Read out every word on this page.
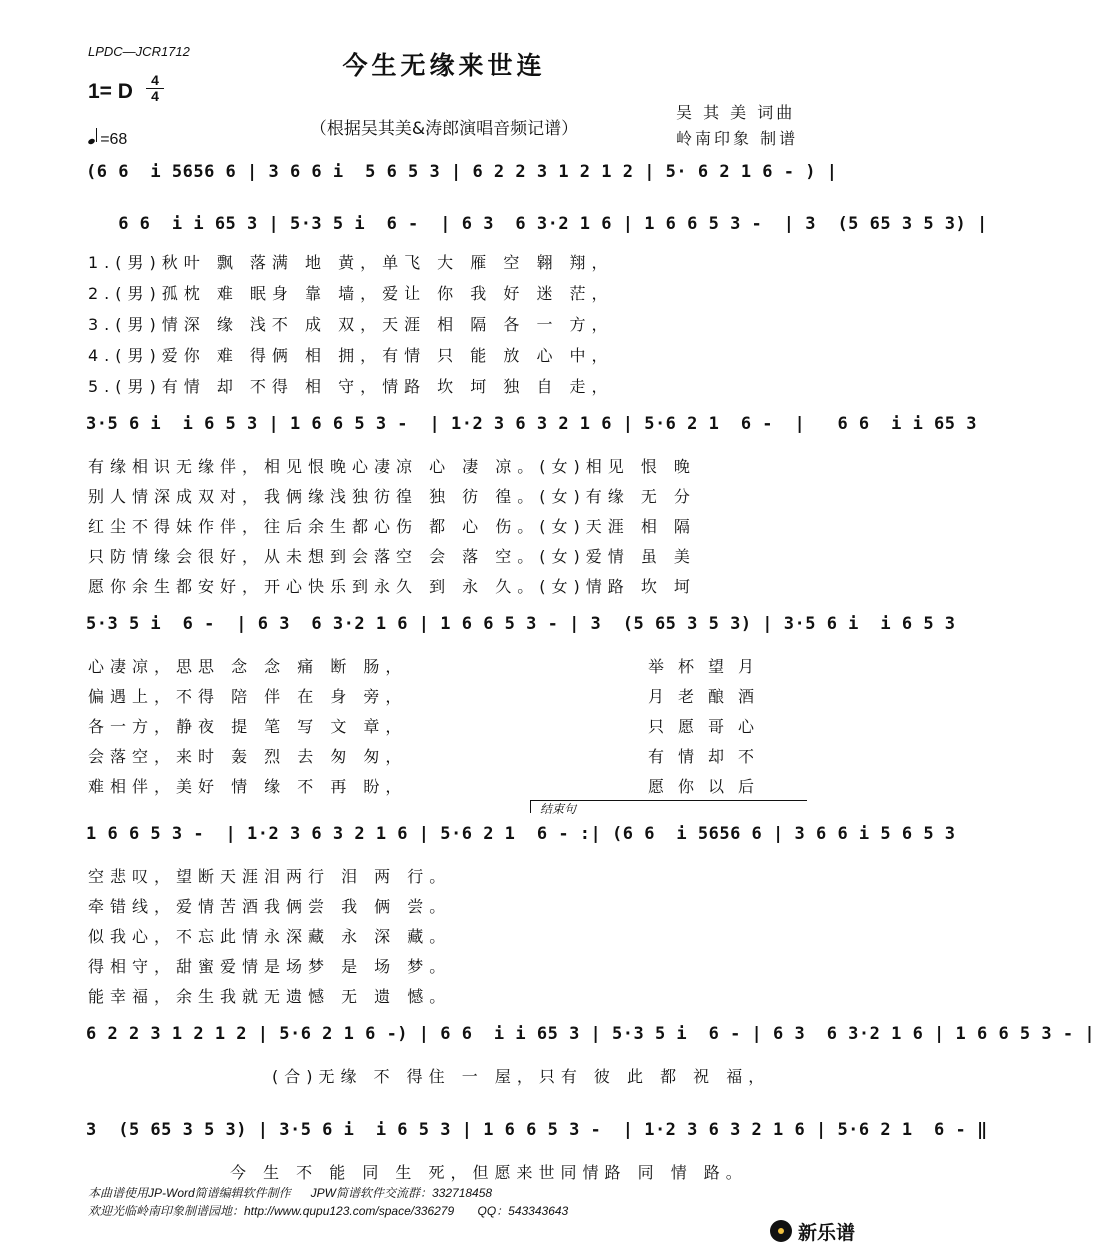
LPDC—JCR1712	今生无缘来世连
1= D	4
4
（根据吴其美&涛郎演唱音频记谱）
吴 其 美 词曲
岭南印象 制谱
=68
(6 6  i 5656 6 | 3 6 6 i  5 6 5 3 | 6 2 2 3 1 2 1 2 | 5· 6 2 1 6 - ) |
6 6  i i 65 3 | 5·3 5 i  6 -  | 6 3  6 3·2 1 6 | 1 6 6 5 3 -  | 3  (5 65 3 5 3) |
1.(男)秋叶 飘 落满 地 黄，单飞 大 雁 空 翱 翔，
2.(男)孤枕 难 眠身 靠 墙，爱让 你 我 好 迷 茫，
3.(男)情深 缘 浅不 成 双，天涯 相 隔 各 一 方，
4.(男)爱你 难 得俩 相 拥，有情 只 能 放 心 中，
5.(男)有情 却 不得 相 守，情路 坎 坷 独 自 走，
3·5 6 i  i 6 5 3 | 1 6 6 5 3 -  | 1·2 3 6 3 2 1 6 | 5·6 2 1  6 -  |   6 6  i i 65 3
有缘相识无缘伴，相见恨晚心凄凉 心 凄 凉。(女)相见 恨 晚
别人情深成双对，我俩缘浅独彷徨 独 彷 徨。(女)有缘 无 分
红尘不得妹作伴，往后余生都心伤 都 心 伤。(女)天涯 相 隔
只防情缘会很好，从未想到会落空 会 落 空。(女)爱情 虽 美
愿你余生都安好，开心快乐到永久 到 永 久。(女)情路 坎 坷
5·3 5 i  6 -  | 6 3  6 3·2 1 6 | 1 6 6 5 3 - | 3  (5 65 3 5 3) | 3·5 6 i  i 6 5 3
心凄凉，思思 念 念 痛 断 肠，
偏遇上，不得 陪 伴 在 身 旁，
各一方，静夜 提 笔 写 文 章，
会落空，来时 轰 烈 去 匆 匆，
难相伴，美好 情 缘 不 再 盼，
举杯望月
月老酿酒
只愿哥心
有情却不
愿你以后
结束句
1 6 6 5 3 -  | 1·2 3 6 3 2 1 6 | 5·6 2 1  6 - :| (6 6  i 5656 6 | 3 6 6 i 5 6 5 3
空悲叹，望断天涯泪两行 泪 两 行。
牵错线，爱情苦酒我俩尝 我 俩 尝。
似我心，不忘此情永深藏 永 深 藏。
得相守，甜蜜爱情是场梦 是 场 梦。
能幸福，余生我就无遗憾 无 遗 憾。
6 2 2 3 1 2 1 2 | 5·6 2 1 6 -) | 6 6  i i 65 3 | 5·3 5 i  6 - | 6 3  6 3·2 1 6 | 1 6 6 5 3 - |
(合)无缘 不 得住 一 屋，只有 彼 此 都 祝 福，
3  (5 65 3 5 3) | 3·5 6 i  i 6 5 3 | 1 6 6 5 3 -  | 1·2 3 6 3 2 1 6 | 5·6 2 1  6 - ‖
今 生 不 能 同 生 死，但愿来世同情路 同 情 路。
本曲谱使用JP-Word简谱编辑软件制作      JPW简谱软件交流群：332718458
欢迎光临岭南印象制谱园地：http://www.qupu123.com/space/336279       QQ：543343643
新乐谱
